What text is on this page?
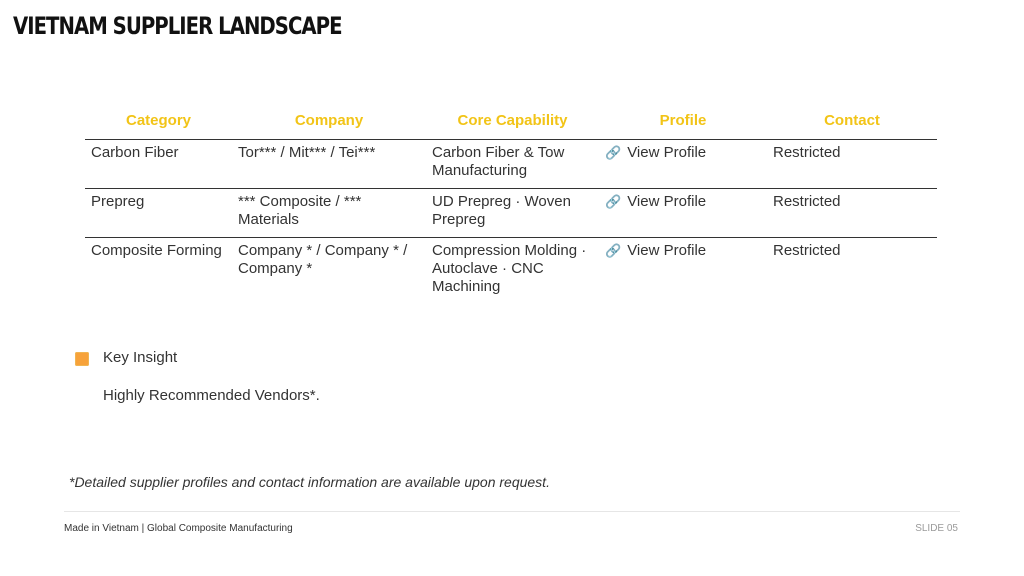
VIETNAM SUPPLIER LANDSCAPE
Category	Company	Core Capability	Profile	Contact
Carbon Fiber	Tor*** / Mit*** / Tei***	Carbon Fiber & Tow Manufacturing	🔗 View Profile	Restricted
Prepreg	*** Composite / *** Materials	UD Prepreg · Woven Prepreg	🔗 View Profile	Restricted
Composite Forming	Company * / Company * / Company *	Compression Molding · Autoclave · CNC Machining	🔗 View Profile	Restricted
Key Insight
Highly Recommended Vendors*.
*Detailed supplier profiles and contact information are available upon request.
Made in Vietnam | Global Composite Manufacturing	SLIDE 05
